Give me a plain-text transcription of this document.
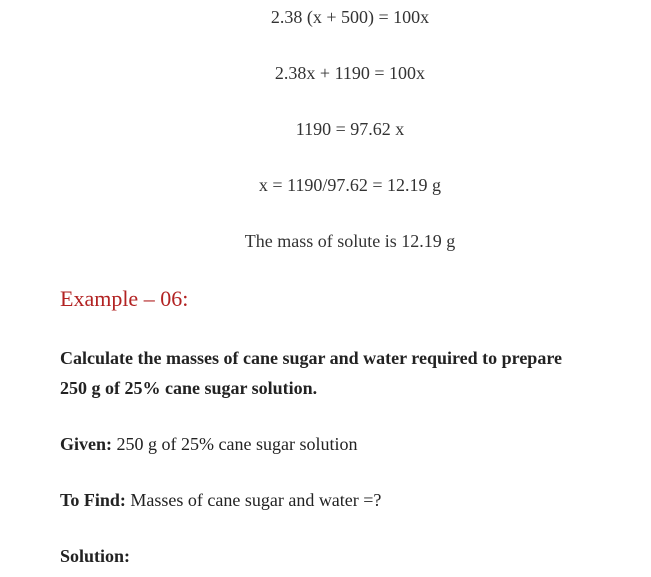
2.38 (x + 500) = 100x
2.38x + 1190 = 100x
1190 = 97.62 x
x = 1190/97.62 = 12.19 g
The mass of solute is 12.19 g
Example – 06:
Calculate the masses of cane sugar and water required to prepare
250 g of 25% cane sugar solution.
Given: 250 g of 25% cane sugar solution
To Find: Masses of cane sugar and water =?
Solution:
